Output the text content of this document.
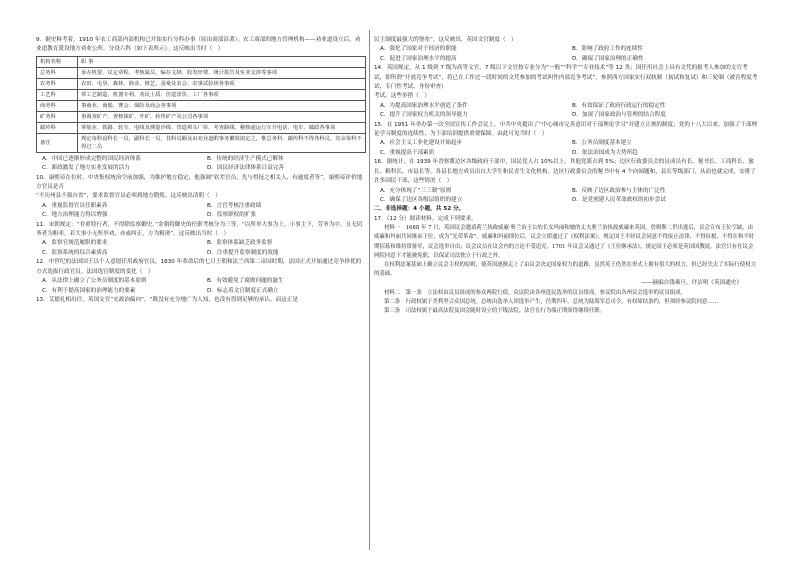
9．据史料考着，1910 年农工商部内部机构已开始实行分科办事（原由商部沿袭），农工商部的地方管理机构——劝业道设立后，劝业道教育派设地方劝业公所，分设六科（如下表所示）。这反映出当时（　）

机构名称	职 事
总务科	承办机要、议定章程、考核属员、编存文牍、收发经费、统计报告及实业交涉等事项
农务科	农田、屯垦、森林、渔业、树艺、蚕桑及农会、农事试验场各事项
工艺科	覃工艺制造、机器专利、劝民土质、仿造泽货、工厂各事项
商务科	事商业、商船、赛会、保险及商会各事项
矿务科	事调查矿产、查核探矿、开矿、转售矿产及公司各事项
邮传科	掌航业、铁路、轮车、电线及测量沙线、营造埠头厂库、考查路线、稽核通运行车升电话、电车、邮政各事项
备注	规定每科设科长一员，副科长一员，其科员额及由劝业道酌事务繁简拟定之，惟总务科、邮传科不得各科员，其余每科不得过二员
A．中国已逐渐形成完整的国民经济体系	B．传统的经济生产模式已解体
C．新政激发了地方实业发展的活力	D．国民经济法律体系日益完善

10．康熙帝在位时，中央集权统治空前加强，为维护地方稳定，他强调“钦差官员，先与督抚之相关人，有逾度者等”，康熙帝评价地方官员是否

“不历州县不拔台省”，要求监督官员必须到地方锻炼。这反映出清朝（　）

A．重视监督官员任职素养	B．言官考核注重政绩
C．地方治理能力得以增强	D．监察职权的扩张

11．宋朝规定：“非重特行者，不得除监察御史。”金朝将御史的任职考核分为三等，“以所举大事为上、小事主下，劳务为中、且无切务者为粗率，若大事小无所举劝，亦或纠正，方为粗滑”。这反映出当时（　）

A．监察官规范履职的要求	B．监察体系缺乏政务监督
C．监察系统的综合素质高	D．注重提升监察制度的效能

12．中世纪的法国国王以个人意愿任用政府官员，1830 年革命后的七月王朝和法兰西第二帝国时期，法国正式开始通过竞争择优的方式选拔行政官员。法国选官制度的变化（　）

A．从法律上确立了公务员制度的基本原则	B．有效避免了腐败问题的滋生
C．有利于提高国家的治理能力的要素	D．标志着文官制度正式确立

13．艾德礼相出任，英国文官“充政治偏向”，“既没有充分地广为人知，也没有得到足够的承认。而这正是

民主制度最强大的堡垒”。这反映出，英国文官制度（　）

A．强化了国家对于经济的职能	B．影响了政府工作的连续性
C．促进了国家治理水平的提高	D．确保了国家治理的正确性

14．英国规定，从 1 级到 7 级为高等文官，7 级以下文官按专业分为“一般”“科学”“专业技术”等 12 类；国任用社会上具有文凭的报考人参加的文官考试，即所谓“开放竞争考试”，将已在工作过一段时间的文凭参加的考试叫作内部竞争考试”，参照西方国家实行双轨制（初试和复试）和三轮制（被育程度考试、专门性考试、身份审查）

考试。这些举措（　）

A．为提高国家治理水平创造了条件	B．有效保证了政府行政运行的稳定性
C．提升了国家权力机关的领导能力	D．加深了国家政治与管理的结合程度

15．在 1951 年举办第一次全国宣传工作会议上，中共中央提出了“中心城市完善意识对干部理论学习”并建立正规的制度；党的十八大以来，加强了干部理论学习制度的连续性，为干部培训提供重要保障。由此可见当时（　）

A．社会主义工业化建设开始起步	B．公务员制度基本建立
C．重视提高干部素质	D．依法治国成为大势所趋

16．据统计，在 1939 年晋察冀边区各级政府干部中，国民党人占 10%以上，其他党派占到 5%；边区行政委员会的员成员有长、秘书长、工商科长、旅长、粮科长，市县长等，各县长地方成员出自大学生和民青生文化机构，边区行政委员会的秘书中有 4 个向闻题和，县长等级部门，从而也就完成，安排了许多国民干部，这些情况（　）

A．充分体现了“三三制”原则	B．反映了边区政治参与主体的广泛性
C．确保了边区各级层组织的建立	D．是党创建人民革命政权的初步尝试

二、非选择题：4 小题，共 52 分。

17．（12 分）阅读材料，完成下列要求。

材料一　1688 年 7 月，英国议会邀请荷兰执政威廉·奥兰治王公的长女玛丽和她的丈夫奥兰治执政威廉来英国，詹姆斯二世出逃后，议会宣布王位空缺，由威廉和玛丽共同继承王位，成为“光荣革命”。威廉和玛丽即位后，议会立即通过了《权利法案》，规定国王不经议会同意不得废止法律、不得征税、不得在和平时期招募和维持常备军，议会选举自由；议会议员在议会内的言论不受追究。1701 年议会又通过了《王位继承法》，规定国王必须是英国国教徒，法官只有在议会两院同意下才能被免职，以保证司法独立于行政之外。

在权利法案基础上确立议会主权的原则，使英国逐渐走上了由议会决定国家权力的道路，虽然英王仍然在形式上拥有很大的权力，但已经失去了实际行使权力的基础。

——摘编自钱乘旦、许洁明《英国通史》

材料二　第一条　立法权由议员组成的参众两院行使。众议院由各州选民选举的议员组成，参议院由各州议会选举的议员组成。

第二条　行政权属于美利坚合众国总统。总统由选举人团选举产生，任期四年。总统为陆海军总司令，有权缔结条约，但须经参议院同意……

第三条　司法权属于最高法院及国会随时设立的下级法院。法官在行为端正期间得继续任职。
